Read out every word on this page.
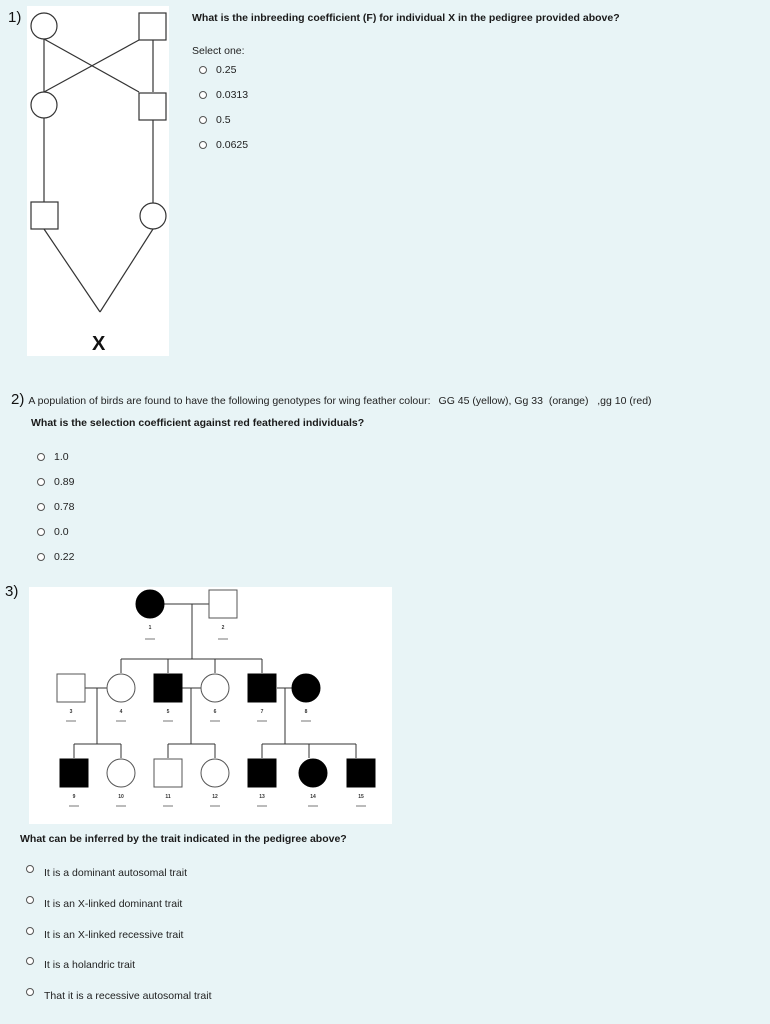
1)
X
What is the inbreeding coefficient (F) for individual X in the pedigree provided above?
Select one:
0.25
0.0313
0.5
0.0625
2) A population of birds are found to have the following genotypes for wing feather colour: GG 45 (yellow), Gg 33  (orange)   ,gg 10 (red)
What is the selection coefficient against red feathered individuals?
1.0
0.89
0.78
0.0
0.22
3)
1	2
3	4	5	6	7	8
9	10	11	12	13	14	15
What can be inferred by the trait indicated in the pedigree above?
It is a dominant autosomal trait
It is an X-linked dominant trait
It is an X-linked recessive trait
It is a holandric trait
That it is a recessive autosomal trait
